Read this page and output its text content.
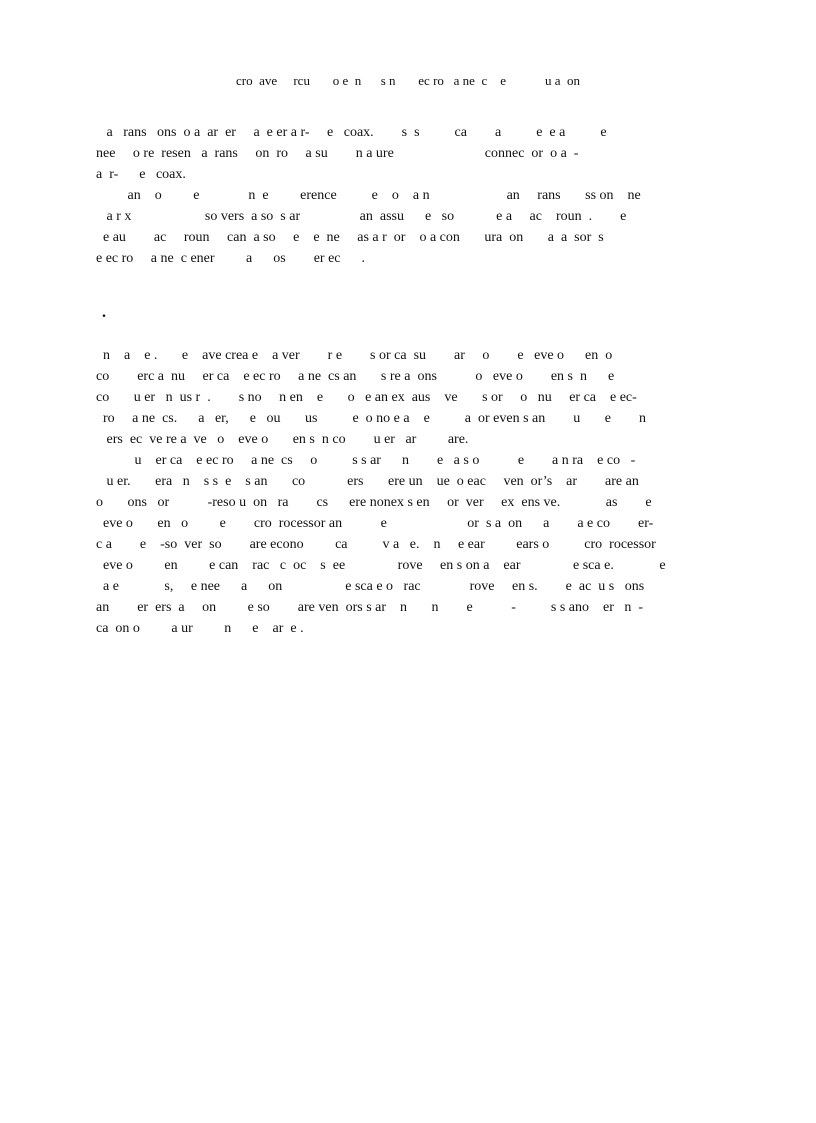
cro  ave     rcu       o e  n      s n       ec ro   a ne  c    e            u a  on
a   rans   ons  o a  ar  er     a  e er a r-     e   coax.        s  s          ca        a          e  e a          e
nee     o re  resen   a  rans     on  ro     a su        n a ure                          connec  or  o a  -
a  r-      e   coax.
an    o         e              n  e         erence          e    o    a n                      an     rans       ss on    ne
a r x                     so vers  a so  s ar                 an  assu      e   so            e a     ac    roun  .        e
e au        ac     roun     can  a so     e    e  ne     as a r  or    o a con       ura  on       a  a  sor  s
e ec ro     a ne  c ener         a      os        er ec      .
.
n    a    e .       e    ave crea e    a ver        r e        s or ca  su        ar     o        e   eve o      en  o
co        erc a  nu     er ca    e ec ro     a ne  cs an       s re a  ons           o   eve o        en s  n      e
co       u er   n  us r  .        s no     n en    e       o   e an ex  aus    ve       s or     o   nu     er ca    e ec-
ro     a ne  cs.      a   er,      e   ou       us          e  o no e a    e          a  or even s an        u       e        n
ers  ec  ve re a  ve   o    eve o       en s  n co        u er   ar         are.
u    er ca    e ec ro     a ne  cs     o          s s ar      n        e   a s o           e        a n ra    e co   -
u er.       era   n    s s  e    s an       co            ers       ere un    ue  o eac     ven  or’s    ar        are an
o       ons   or           -reso u  on   ra        cs      ere nonex s en     or  ver     ex  ens ve.             as        e
eve o       en   o         e        cro  rocessor an           e                       or  s a  on      a        a e co        er-
c a        e    -so  ver  so        are econo         ca          v a   e.    n     e ear         ears o          cro  rocessor
eve o         en         e can    rac   c  oc    s  ee               rove     en s on a    ear               e sca e.             e
a e             s,     e nee      a      on                  e sca e o   rac              rove     en s.        e  ac  u s   ons
an        er  ers  a     on         e so        are ven  ors s ar    n       n        e           -          s s ano    er   n  -
ca  on o         a ur         n      e    ar  e .
